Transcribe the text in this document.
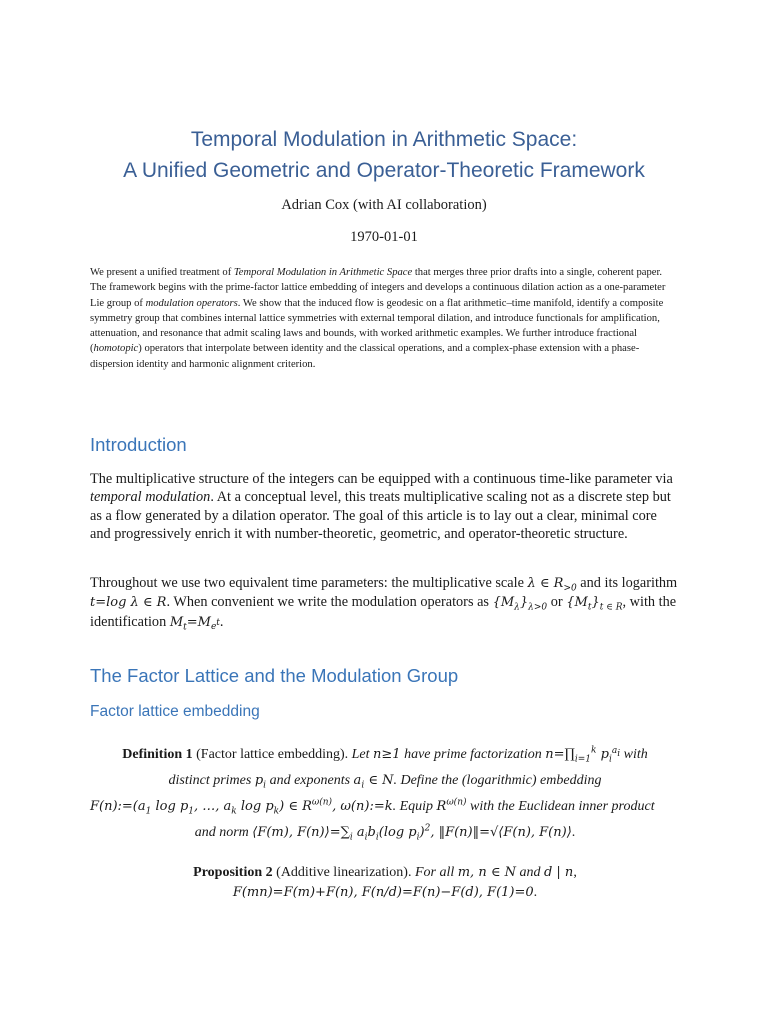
Temporal Modulation in Arithmetic Space:
A Unified Geometric and Operator-Theoretic Framework
Adrian Cox (with AI collaboration)
1970-01-01
We present a unified treatment of Temporal Modulation in Arithmetic Space that merges three prior drafts into a single, coherent paper. The framework begins with the prime-factor lattice embedding of integers and develops a continuous dilation action as a one-parameter Lie group of modulation operators. We show that the induced flow is geodesic on a flat arithmetic–time manifold, identify a composite symmetry group that combines internal lattice symmetries with external temporal dilation, and introduce functionals for amplification, attenuation, and resonance that admit scaling laws and bounds, with worked arithmetic examples. We further introduce fractional (homotopic) operators that interpolate between identity and the classical operations, and a complex-phase extension with a phase-dispersion identity and harmonic alignment criterion.
Introduction
The multiplicative structure of the integers can be equipped with a continuous time-like parameter via temporal modulation. At a conceptual level, this treats multiplicative scaling not as a discrete step but as a flow generated by a dilation operator. The goal of this article is to lay out a clear, minimal core and progressively enrich it with number-theoretic, geometric, and operator-theoretic structure.
Throughout we use two equivalent time parameters: the multiplicative scale λ ∈ $R_{>0}$ and its logarithm t=log λ ∈ R. When convenient we write the modulation operators as $\{M_\lambda\}_{\lambda>0}$ or $\{M_t\}_{t \in R}$, with the identification $M_t=M_{e^t}$.
The Factor Lattice and the Modulation Group
Factor lattice embedding
Definition 1 (Factor lattice embedding). Let n≥1 have prime factorization $n=\prod_{i=1}^k$ $p_i^{a_i}$ with
distinct primes $p_i$ and exponents $a_i$ ∈ N. Define the (logarithmic) embedding
$F(n):=(a_1$ $\log p_1$, …, $a_k$ $\log p_k$) ∈ $R^{\omega(n)}$, ω(n):=k. Equip $R^{\omega(n)}$ with the Euclidean inner product
and norm ⟨F(m), $F(n)⟩=\sum_i$ $a_ib_i(\log$ $p_i)^2$, ‖F(n)‖=√⟨F(n), F(n)⟩.
Proposition 2 (Additive linearization). For all m, n ∈ N and d | n,
F(mn)=F(m)+F(n), F(n/d)=F(n)−F(d), F(1)=0.
